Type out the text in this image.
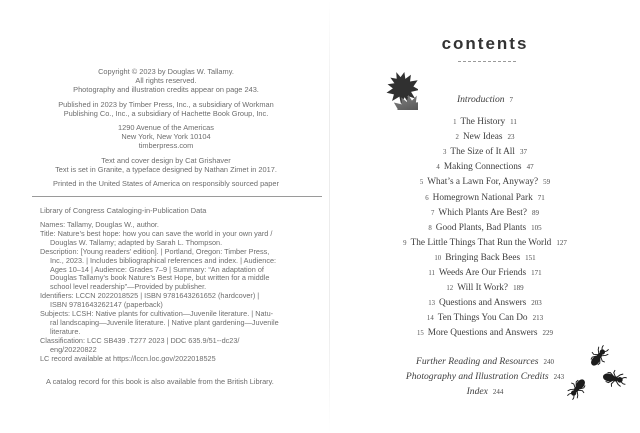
Copyright © 2023 by Douglas W. Tallamy.
All rights reserved.
Photography and illustration credits appear on page 243.

Published in 2023 by Timber Press, Inc., a subsidiary of Workman
Publishing Co., Inc., a subsidiary of Hachette Book Group, Inc.

1290 Avenue of the Americas
New York, New York 10104
timberpress.com

Text and cover design by Cat Grishaver
Text is set in Granite, a typeface designed by Nathan Zimet in 2017.

Printed in the United States of America on responsibly sourced paper

Library of Congress Cataloging-in-Publication Data
Names: Tallamy, Douglas W., author.
Title: Nature’s best hope: how you can save the world in your own yard /
Douglas W. Tallamy; adapted by Sarah L. Thompson.
Description: [Young readers’ edition]. | Portland, Oregon: Timber Press,
Inc., 2023. | Includes bibliographical references and index. | Audience:
Ages 10–14 | Audience: Grades 7–9 | Summary: “An adaptation of
Douglas Tallamy’s book Nature’s Best Hope, but written for a middle
school level readership”—Provided by publisher.
Identifiers: LCCN 2022018525 | ISBN 9781643261652 (hardcover) |
ISBN 9781643262147 (paperback)
Subjects: LCSH: Native plants for cultivation—Juvenile literature. | Natu-
ral landscaping—Juvenile literature. | Native plant gardening—Juvenile
literature.
Classification: LCC SB439 .T277 2023 | DDC 635.9/51--dc23/
eng/20220822
LC record available at https://lccn.loc.gov/2022018525
A catalog record for this book is also available from the British Library.
contents
Introduction 7
1 The History 11
2 New Ideas 23
3 The Size of It All 37
4 Making Connections 47
5 What’s a Lawn For, Anyway? 59
6 Homegrown National Park 71
7 Which Plants Are Best? 89
8 Good Plants, Bad Plants 105
9 The Little Things That Run the World 127
10 Bringing Back Bees 151
11 Weeds Are Our Friends 171
12 Will It Work? 189
13 Questions and Answers 203
14 Ten Things You Can Do 213
15 More Questions and Answers 229
Further Reading and Resources 240
Photography and Illustration Credits 243
Index 244
